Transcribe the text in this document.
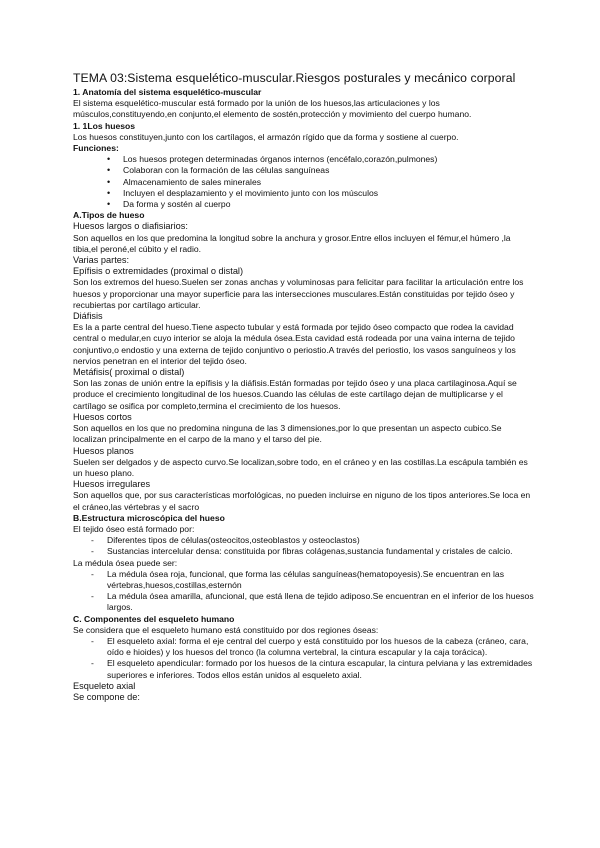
TEMA 03:Sistema esquelético-muscular.Riesgos posturales y mecánico corporal

1. Anatomía del sistema esquelético-muscular

El sistema esquelético-muscular está formado por la unión de los huesos,las articulaciones y los músculos,constituyendo,en conjunto,el elemento de sostén,protección y movimiento del cuerpo humano.

1. 1Los huesos

Los huesos constituyen,junto con los cartílagos, el armazón rígido que da forma y sostiene al cuerpo.

Funciones:

• Los huesos protegen determinadas órganos internos (encéfalo,corazón,pulmones)
• Colaboran con la formación de las células sanguíneas
• Almacenamiento de sales minerales
• Incluyen el desplazamiento y el movimiento junto con los músculos
• Da forma y sostén al cuerpo

A.Tipos de hueso

Huesos largos o diafisiarios:

Son aquellos en los que predomina la longitud sobre la anchura y grosor.Entre ellos incluyen el fémur,el húmero ,la tibia,el peroné,el cúbito y el radio.

Varias partes:

Epífisis o extremidades (proximal o distal)

Son los extremos del hueso.Suelen ser zonas anchas y voluminosas para felicitar para facilitar la articulación entre los huesos y proporcionar una mayor superficie para las intersecciones musculares.Están constituidas por tejido óseo y recubiertas por cartílago articular.

Diáfisis

Es la a parte central del hueso.Tiene aspecto tubular y está formada por tejido óseo compacto que rodea la cavidad central o medular,en cuyo interior se aloja la médula ósea.Esta cavidad está rodeada por una vaina interna de tejido conjuntivo,o endostio y una externa de tejido conjuntivo o periostio.A través del periostio, los vasos sanguíneos y los nervios penetran en el interior del tejido óseo.

Metáfisis( proximal o distal)

Son las zonas de unión entre la epífisis y la diáfisis.Están formadas por tejido óseo y una placa cartilaginosa.Aquí se produce el crecimiento longitudinal de los huesos.Cuando las células de este cartílago dejan de multiplicarse y el cartílago se osifica por completo,termina el crecimiento de los huesos.

Huesos cortos

Son aquellos en los que no predomina ninguna de las 3 dimensiones,por lo que presentan un aspecto cubico.Se localizan principalmente en el carpo de la mano y el tarso del pie.

Huesos planos

Suelen ser delgados y de aspecto curvo.Se localizan,sobre todo, en el cráneo y en las costillas.La escápula también es un hueso plano.

Huesos irregulares

Son aquellos que, por sus características morfológicas, no pueden incluirse en niguno de los tipos anteriores.Se loca en el cráneo,las vértebras y el sacro

B.Estructura microscópica del hueso

El tejido óseo está formado por:

- Diferentes tipos de células(osteocitos,osteoblastos y osteoclastos)
- Sustancias intercelular densa: constituida por fibras colágenas,sustancia fundamental y cristales de calcio.

La médula ósea puede ser:

- La médula ósea roja, funcional, que forma las células sanguíneas(hematopoyesis).Se encuentran en las vértebras,huesos,costillas,esternón
- La médula ósea amarilla, afuncional, que está llena de tejido adiposo.Se encuentran en el inferior de los huesos largos.

C. Componentes del esqueleto humano

Se considera que el esqueleto humano está constituido por dos regiones óseas:

- El esqueleto axial: forma el eje central del cuerpo y está constituido por los huesos de la cabeza (cráneo, cara, oído e hioides) y los huesos del tronco (la columna vertebral, la cintura escapular y la caja torácica).
- El esqueleto apendicular: formado por los huesos de la cintura escapular, la cintura pelviana y las extremidades superiores e inferiores. Todos ellos están unidos al esqueleto axial.

Esqueleto axial

Se compone de:
